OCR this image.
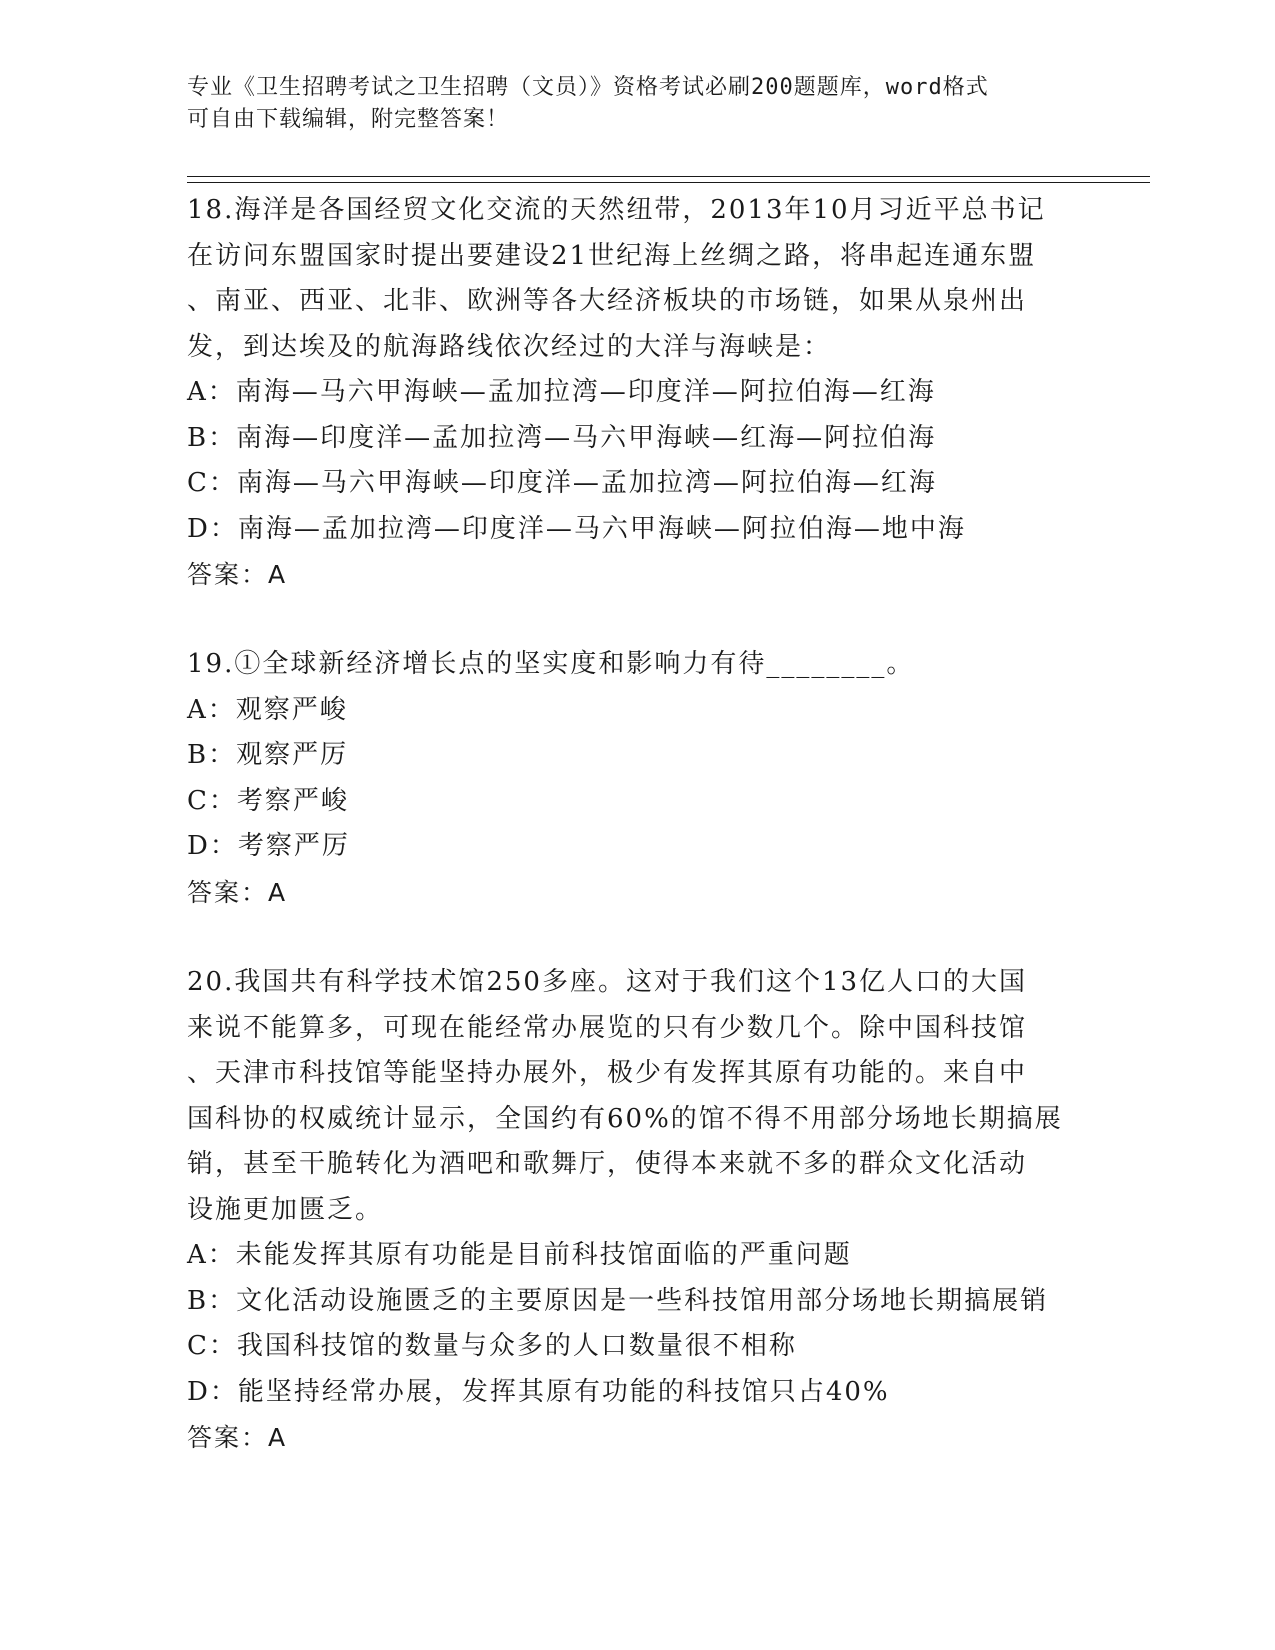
专业《卫生招聘考试之卫生招聘（文员）》资格考试必刷200题题库，word格式
可自由下载编辑，附完整答案！
18.海洋是各国经贸文化交流的天然纽带，2013年10月习近平总书记
在访问东盟国家时提出要建设21世纪海上丝绸之路，将串起连通东盟
、南亚、西亚、北非、欧洲等各大经济板块的市场链，如果从泉州出
发，到达埃及的航海路线依次经过的大洋与海峡是：
A：南海—马六甲海峡—孟加拉湾—印度洋—阿拉伯海—红海
B：南海—印度洋—孟加拉湾—马六甲海峡—红海—阿拉伯海
C：南海—马六甲海峡—印度洋—孟加拉湾—阿拉伯海—红海
D：南海—孟加拉湾—印度洋—马六甲海峡—阿拉伯海—地中海
答案：A
19.①全球新经济增长点的坚实度和影响力有待________。
A：观察严峻
B：观察严厉
C：考察严峻
D：考察严厉
答案：A
20.我国共有科学技术馆250多座。这对于我们这个13亿人口的大国
来说不能算多，可现在能经常办展览的只有少数几个。除中国科技馆
、天津市科技馆等能坚持办展外，极少有发挥其原有功能的。来自中
国科协的权威统计显示，全国约有60%的馆不得不用部分场地长期搞展
销，甚至干脆转化为酒吧和歌舞厅，使得本来就不多的群众文化活动
设施更加匮乏。
A：未能发挥其原有功能是目前科技馆面临的严重问题
B：文化活动设施匮乏的主要原因是一些科技馆用部分场地长期搞展销
C：我国科技馆的数量与众多的人口数量很不相称
D：能坚持经常办展，发挥其原有功能的科技馆只占40%
答案：A
